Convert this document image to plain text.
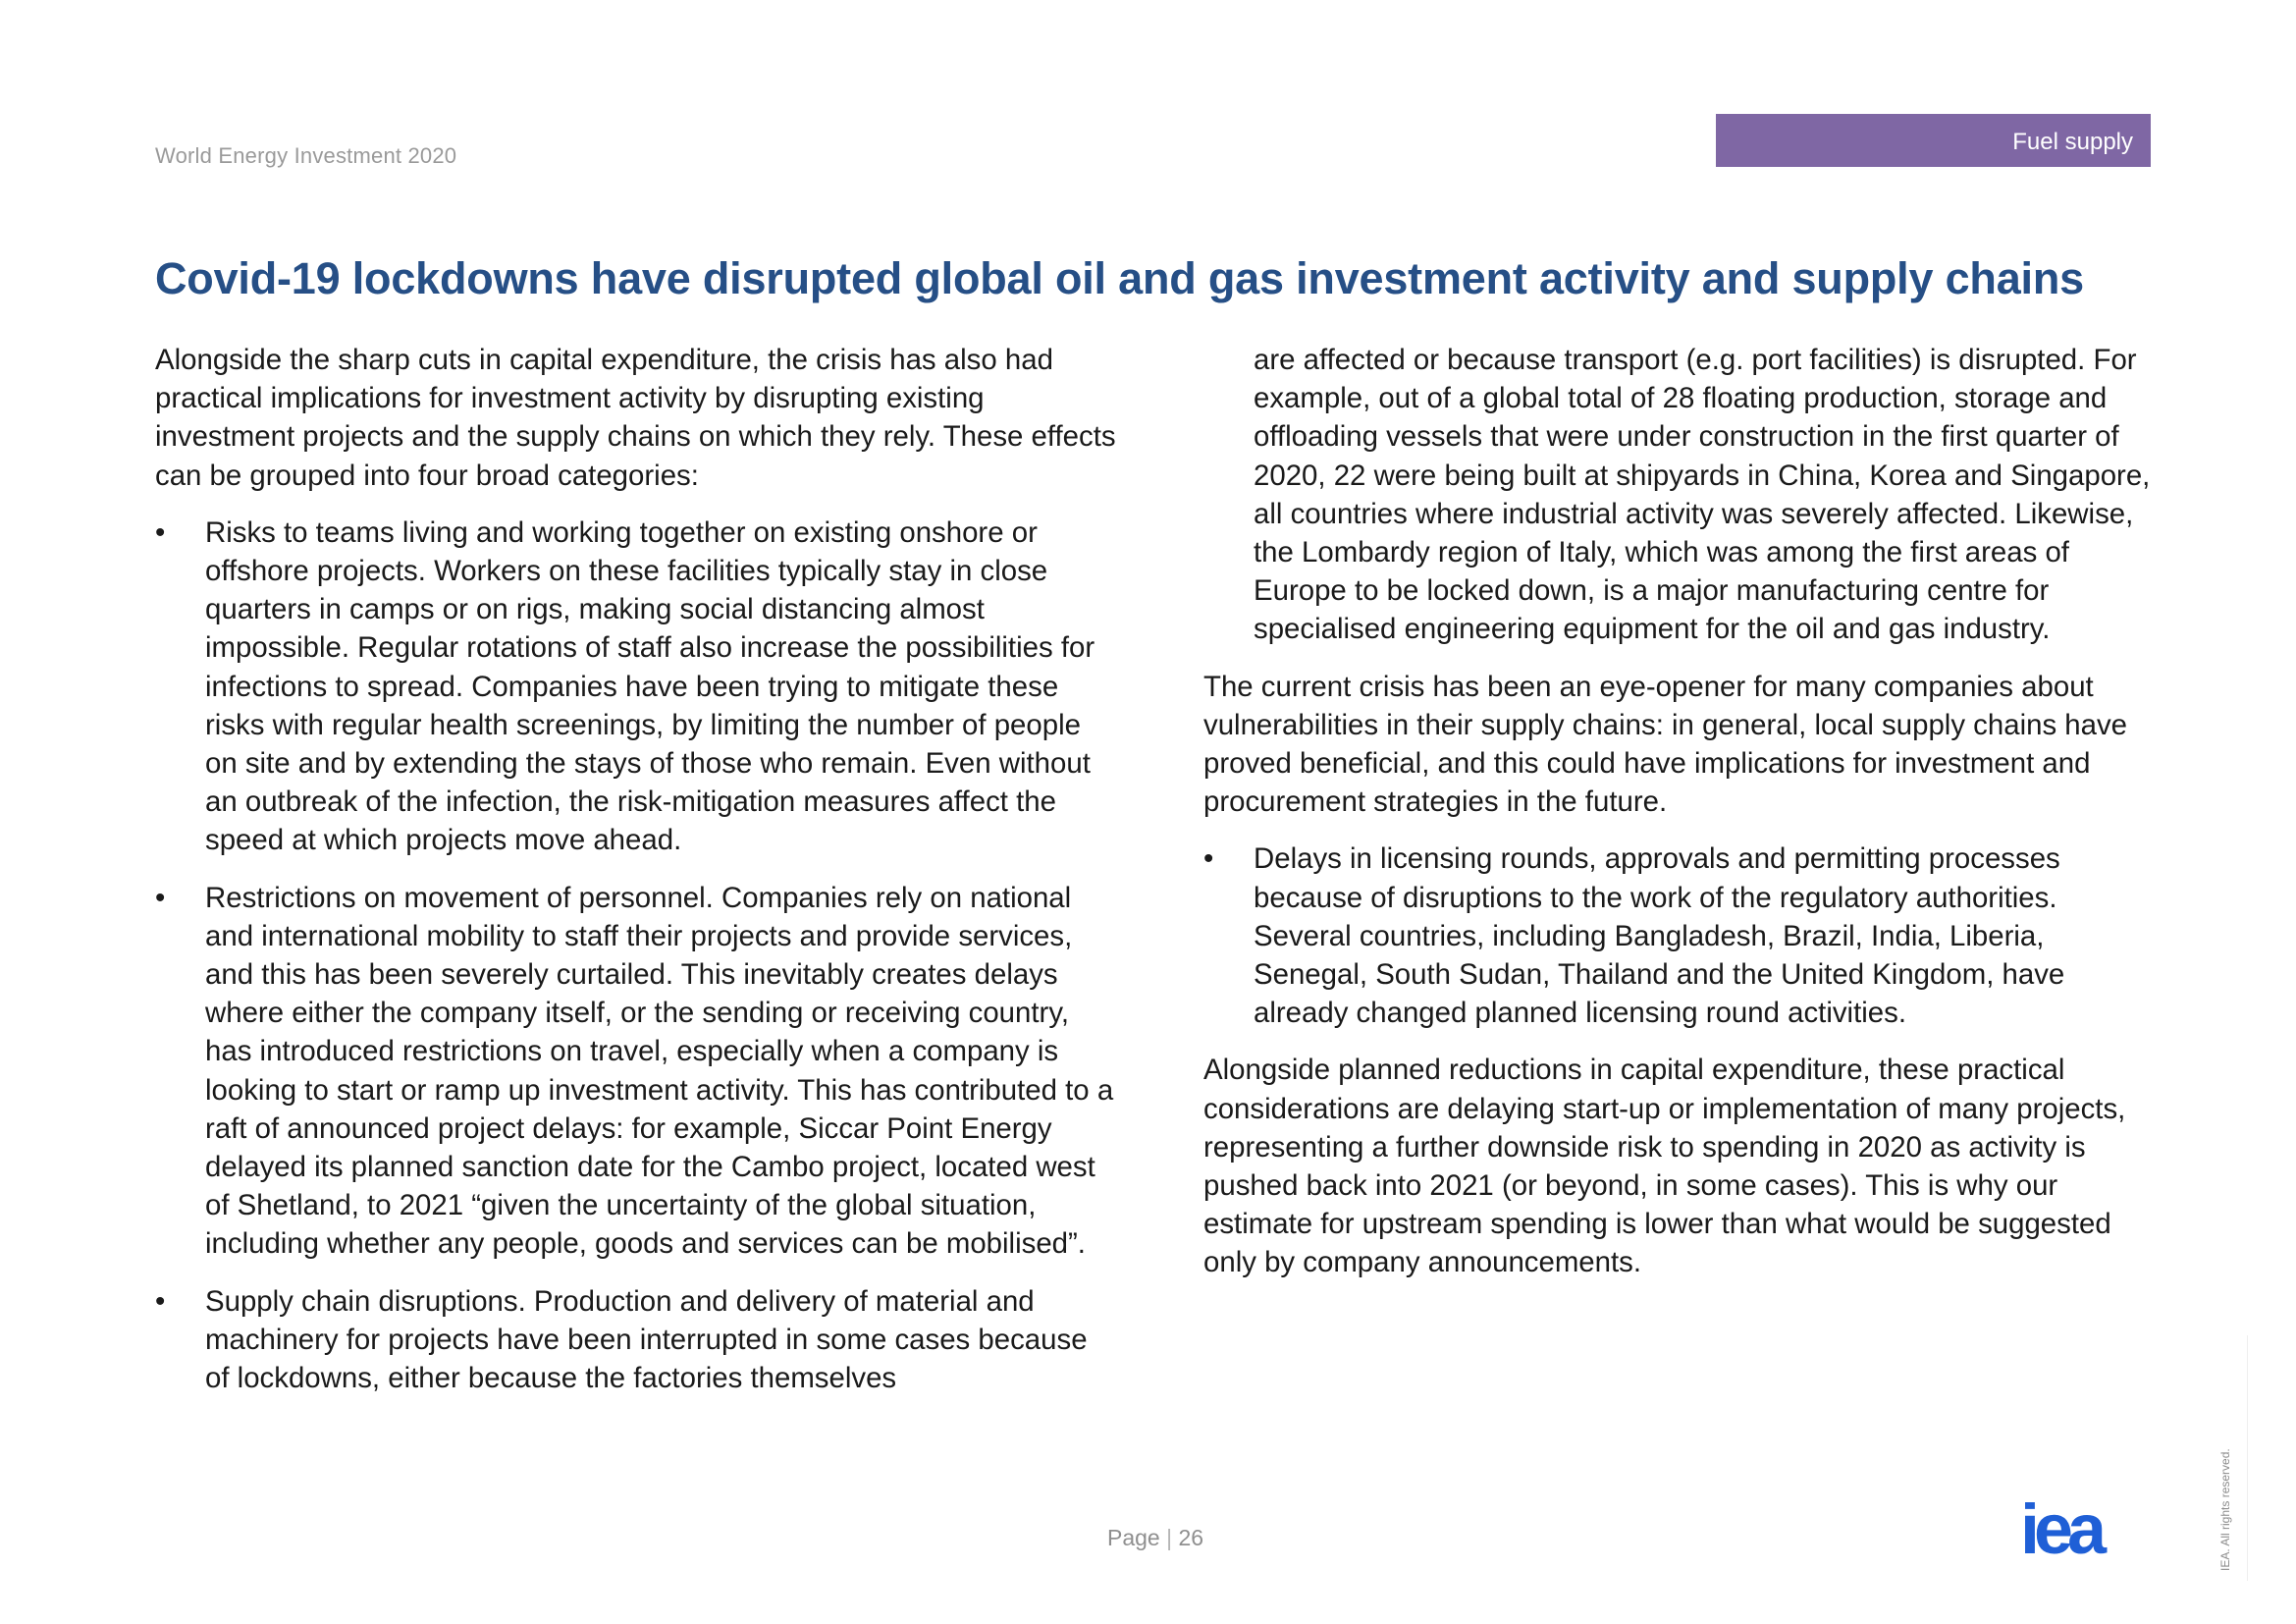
World Energy Investment 2020
Fuel supply
Covid-19 lockdowns have disrupted global oil and gas investment activity and supply chains

Alongside the sharp cuts in capital expenditure, the crisis has also had practical implications for investment activity by disrupting existing investment projects and the supply chains on which they rely. These effects can be grouped into four broad categories:

• Risks to teams living and working together on existing onshore or offshore projects. Workers on these facilities typically stay in close quarters in camps or on rigs, making social distancing almost impossible. Regular rotations of staff also increase the possibilities for infections to spread. Companies have been trying to mitigate these risks with regular health screenings, by limiting the number of people on site and by extending the stays of those who remain. Even without an outbreak of the infection, the risk-mitigation measures affect the speed at which projects move ahead.
• Restrictions on movement of personnel. Companies rely on national and international mobility to staff their projects and provide services, and this has been severely curtailed. This inevitably creates delays where either the company itself, or the sending or receiving country, has introduced restrictions on travel, especially when a company is looking to start or ramp up investment activity. This has contributed to a raft of announced project delays: for example, Siccar Point Energy delayed its planned sanction date for the Cambo project, located west of Shetland, to 2021 “given the uncertainty of the global situation, including whether any people, goods and services can be mobilised”.
• Supply chain disruptions. Production and delivery of material and machinery for projects have been interrupted in some cases because of lockdowns, either because the factories themselves

are affected or because transport (e.g. port facilities) is disrupted. For example, out of a global total of 28 floating production, storage and offloading vessels that were under construction in the first quarter of 2020, 22 were being built at shipyards in China, Korea and Singapore, all countries where industrial activity was severely affected. Likewise, the Lombardy region of Italy, which was among the first areas of Europe to be locked down, is a major manufacturing centre for specialised engineering equipment for the oil and gas industry.

The current crisis has been an eye-opener for many companies about vulnerabilities in their supply chains: in general, local supply chains have proved beneficial, and this could have implications for investment and procurement strategies in the future.

• Delays in licensing rounds, approvals and permitting processes because of disruptions to the work of the regulatory authorities. Several countries, including Bangladesh, Brazil, India, Liberia, Senegal, South Sudan, Thailand and the United Kingdom, have already changed planned licensing round activities.

Alongside planned reductions in capital expenditure, these practical considerations are delaying start-up or implementation of many projects, representing a further downside risk to spending in 2020 as activity is pushed back into 2021 (or beyond, in some cases). This is why our estimate for upstream spending is lower than what would be suggested only by company announcements.

Page | 26	iea	IEA. All rights reserved.
